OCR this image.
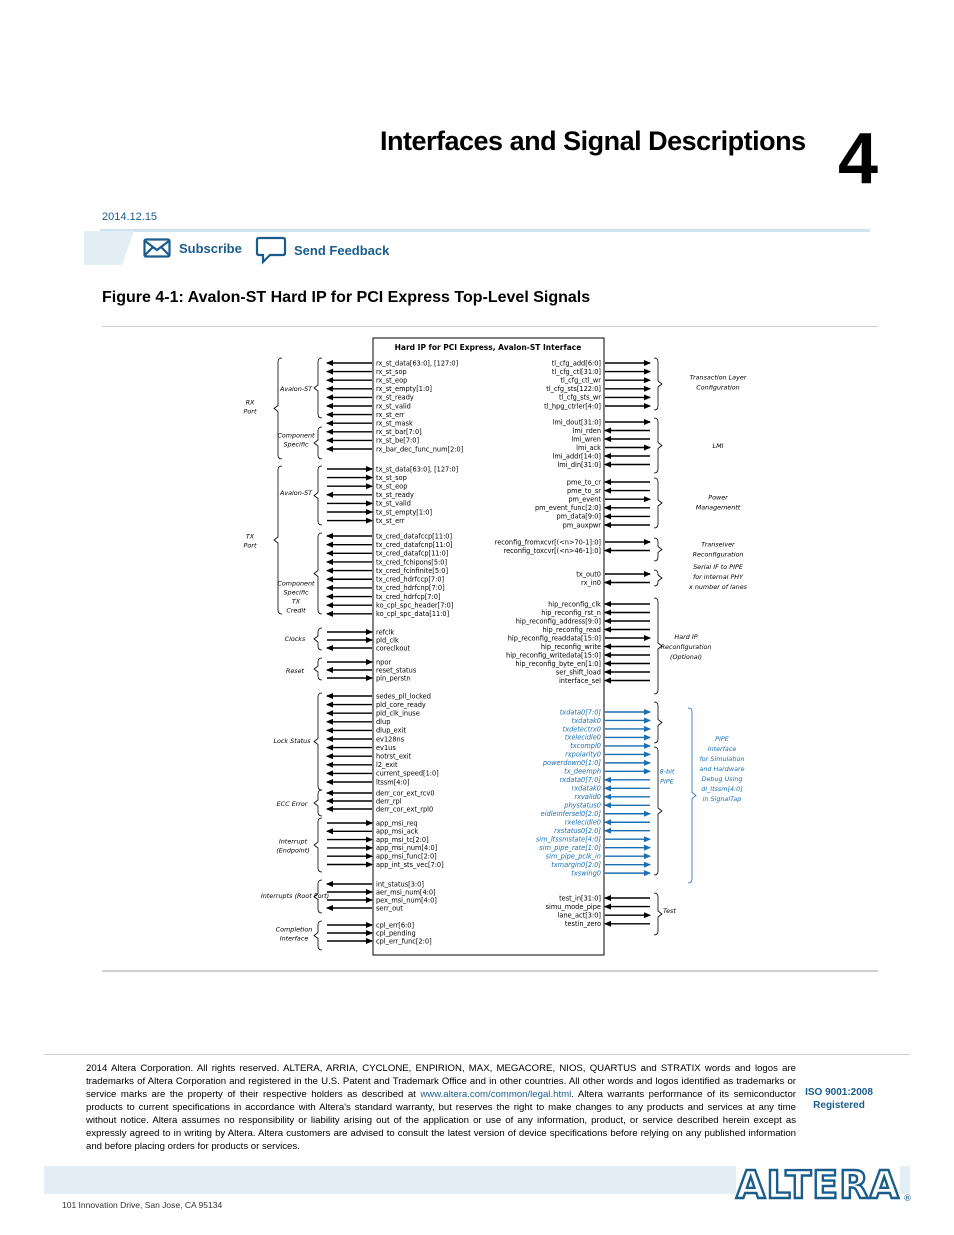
Interfaces and Signal Descriptions 4
2014.12.15
Subscribe	Send Feedback
Figure 4-1: Avalon-ST Hard IP for PCI Express Top-Level Signals
Hard IP for PCI Express, Avalon-ST Interface
rx_st_data[63:0], [127:0]
rx_st_sop
rx_st_eop
rx_st_empty[1:0]
rx_st_ready
rx_st_valid
rx_st_err
rx_st_mask
rx_st_bar[7:0]
rx_st_be[7:0]
rx_bar_dec_func_num[2:0]
tx_st_data[63:0], [127:0]
tx_st_sop
tx_st_eop
tx_st_ready
tx_st_valid
tx_st_empty[1:0]
tx_st_err
tx_cred_datafccp[11:0]
tx_cred_datafcnp[11:0]
tx_cred_datafcp[11:0]
tx_cred_fchipons[5:0]
tx_cred_fcinfinite[5:0]
tx_cred_hdrfccp[7:0]
tx_cred_hdrfcnp[7:0]
tx_cred_hdrfcp[7:0]
ko_cpl_spc_header[7:0]
ko_cpl_spc_data[11:0]
refclk
pld_clk
coreclkout
npor
reset_status
pin_perstn
sedes_pll_locked
pld_core_ready
pld_clk_inuse
dlup
dlup_exit
ev128ns
ev1us
hotrst_exit
l2_exit
current_speed[1:0]
ltssm[4:0]
derr_cor_ext_rcv0
derr_rpl
derr_cor_ext_rpl0
app_msi_req
app_msi_ack
app_msi_tc[2:0]
app_msi_num[4:0]
app_msi_func[2:0]
app_int_sts_vec[7:0]
int_status[3:0]
aer_msi_num[4:0]
pex_msi_num[4:0]
serr_out
cpl_err[6:0]
cpl_pending
cpl_err_func[2:0]
tl_cfg_add[6:0]
tl_cfg_ctl[31:0]
tl_cfg_ctl_wr
tl_cfg_sts[122:0]
tl_cfg_sts_wr
tl_hpg_ctrler[4:0]
lmi_dout[31:0]
lmi_rden
lmi_wren
lmi_ack
lmi_addr[14:0]
lmi_din[31:0]
pme_to_cr
pme_to_sr
pm_event
pm_event_func[2:0]
pm_data[9:0]
pm_auxpwr
reconfig_fromxcvr[(<n>70-1]:0]
reconfig_toxcvr[(<n>46-1]:0]
tx_out0
rx_in0
hip_reconfig_clk
hip_reconfig_rst_n
hip_reconfig_address[9:0]
hip_reconfig_read
hip_reconfig_readdata[15:0]
hip_reconfig_write
hip_reconfig_writedata[15:0]
hip_reconfig_byte_en[1:0]
ser_shift_load
interface_sel
txdata0[7:0]
txdatak0
txdetectrx0
txelecidle0
txcompl0
rxpolarity0
powerdown0[1:0]
tx_deemph
rxdata0[7:0]
rxdatak0
rxvalid0
phystatus0
eidleinfersel0[2:0]
rxelecidle0
rxstatus0[2:0]
sim_ltssmstate[4:0]
sim_pipe_rate[1:0]
sim_pipe_pclk_in
txmargin0[2:0]
txswing0
test_in[31:0]
simu_mode_pipe
lane_act[3:0]
testin_zero
Avalon-ST
Component Specific
RX Port
Avalon-ST
TX Port
Component Specific TX Credit
Clocks
Reset
Lock Status
ECC Error
Interrupt (Endpoint)
Interrupts (Root Port)
Completion Interface
Transaction Layer Configuration
LMI
Power Managementt
Transeiver Reconfiguration
Serial IF to PIPE for internal PHY x number of lanes
Hard IP Reconfiguration (Optional)
8-bit PIPE
PIPE Interface for Simulation and Hardware Debug Using dl_ltssm[4:0] in SignalTap
Test
2014 Altera Corporation. All rights reserved. ALTERA, ARRIA, CYCLONE, ENPIRION, MAX, MEGACORE, NIOS, QUARTUS and STRATIX words and logos are trademarks of Altera Corporation and registered in the U.S. Patent and Trademark Office and in other countries. All other words and logos identified as trademarks or service marks are the property of their respective holders as described at www.altera.com/common/legal.html. Altera warrants performance of its semiconductor products to current specifications in accordance with Altera's standard warranty, but reserves the right to make changes to any products and services at any time without notice. Altera assumes no responsibility or liability arising out of the application or use of any information, product, or service described herein except as expressly agreed to in writing by Altera. Altera customers are advised to consult the latest version of device specifications before relying on any published information and before placing orders for products or services.
ISO 9001:2008 Registered
101 Innovation Drive, San Jose, CA 95134	ALTERA ®
